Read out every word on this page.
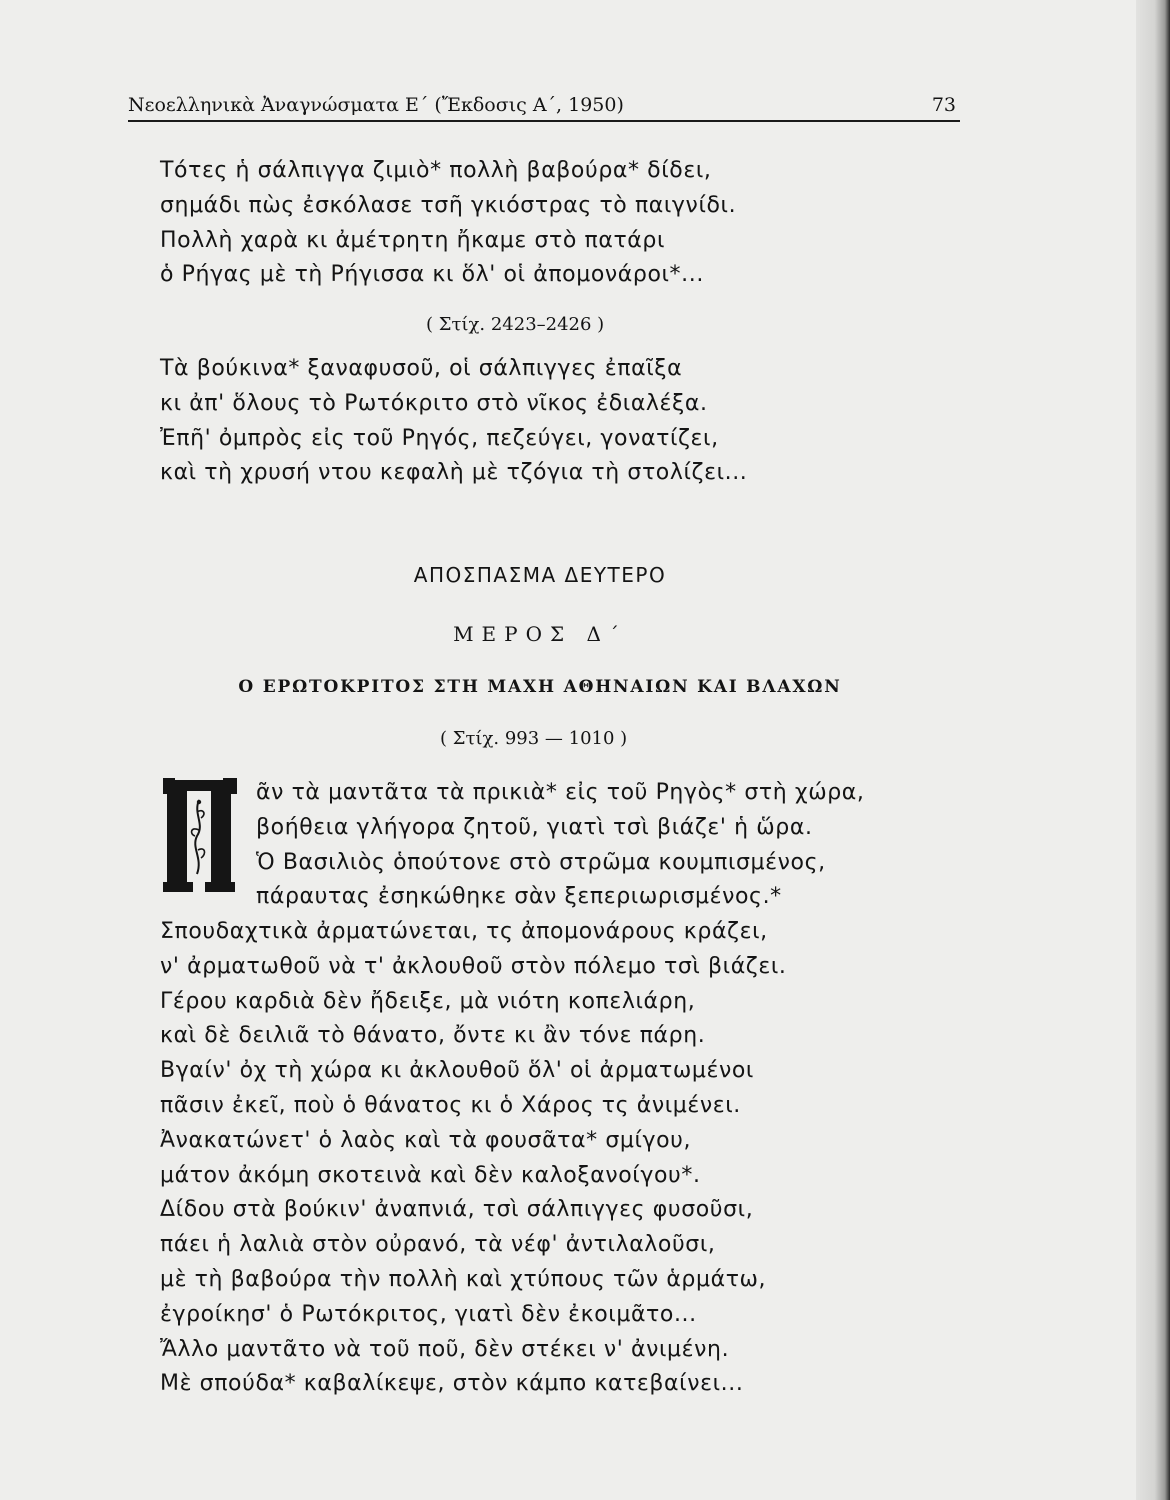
Νεοελληνικὰ Ἀναγνώσματα Ε΄ (Ἔκδοσις Α΄, 1950)	73
Τότες ἡ σάλπιγγα ζιμιὸ* πολλὴ βαβούρα* δίδει,
σημάδι πὼς ἐσκόλασε τσῆ γκιόστρας τὸ παιγνίδι.
Πολλὴ χαρὰ κι ἀμέτρητη ἤκαμε στὸ πατάρι
ὁ Ρήγας μὲ τὴ Ρήγισσα κι ὅλ' οἱ ἀπομονάροι*...
( Στίχ. 2423–2426 )
Τὰ βούκινα* ξαναφυσοῦ, οἱ σάλπιγγες ἐπαῖξα
κι ἀπ' ὅλους τὸ Ρωτόκριτο στὸ νῖκος ἐδιαλέξα.
Ἐπῆ' ὀμπρὸς εἰς τοῦ Ρηγός, πεζεύγει, γονατίζει,
καὶ τὴ χρυσή ντου κεφαλὴ μὲ τζόγια τὴ στολίζει...
ΑΠΟΣΠΑΣΜΑ ΔΕΥΤΕΡΟ
ΜΕΡΟΣ Δ΄
Ο ΕΡΩΤΟΚΡΙΤΟΣ ΣΤΗ ΜΑΧΗ ΑΘΗΝΑΙΩΝ ΚΑΙ ΒΛΑΧΩΝ
( Στίχ. 993 — 1010 )
ᾶν τὰ μαντᾶτα τὰ πρικιὰ* εἰς τοῦ Ρηγὸς* στὴ χώρα,
βοήθεια γλήγορα ζητοῦ, γιατὶ τσὶ βιάζε' ἡ ὥρα.
Ὁ Βασιλιὸς ὁπούτονε στὸ στρῶμα κουμπισμένος,
πάραυτας ἐσηκώθηκε σὰν ξεπεριωρισμένος.*
Σπουδαχτικὰ ἀρματώνεται, τς ἀπομονάρους κράζει,
ν' ἀρματωθοῦ νὰ τ' ἀκλουθοῦ στὸν πόλεμο τσὶ βιάζει.
Γέρου καρδιὰ δὲν ἤδειξε, μὰ νιότη κοπελιάρη,
καὶ δὲ δειλιᾶ τὸ θάνατο, ὄντε κι ἂν τόνε πάρη.
Βγαίν' ὀχ τὴ χώρα κι ἀκλουθοῦ ὅλ' οἱ ἀρματωμένοι
πᾶσιν ἐκεῖ, ποὺ ὁ θάνατος κι ὁ Χάρος τς ἀνιμένει.
Ἀνακατώνετ' ὁ λαὸς καὶ τὰ φουσᾶτα* σμίγου,
μάτον ἀκόμη σκοτεινὰ καὶ δὲν καλοξανοίγου*.
Δίδου στὰ βούκιν' ἀναπνιά, τσὶ σάλπιγγες φυσοῦσι,
πάει ἡ λαλιὰ στὸν οὐρανό, τὰ νέφ' ἀντιλαλοῦσι,
μὲ τὴ βαβούρα τὴν πολλὴ καὶ χτύπους τῶν ἁρμάτω,
ἐγροίκησ' ὁ Ρωτόκριτος, γιατὶ δὲν ἐκοιμᾶτο...
Ἄλλο μαντᾶτο νὰ τοῦ ποῦ, δὲν στέκει ν' ἀνιμένη.
Μὲ σπούδα* καβαλίκεψε, στὸν κάμπο κατεβαίνει...
